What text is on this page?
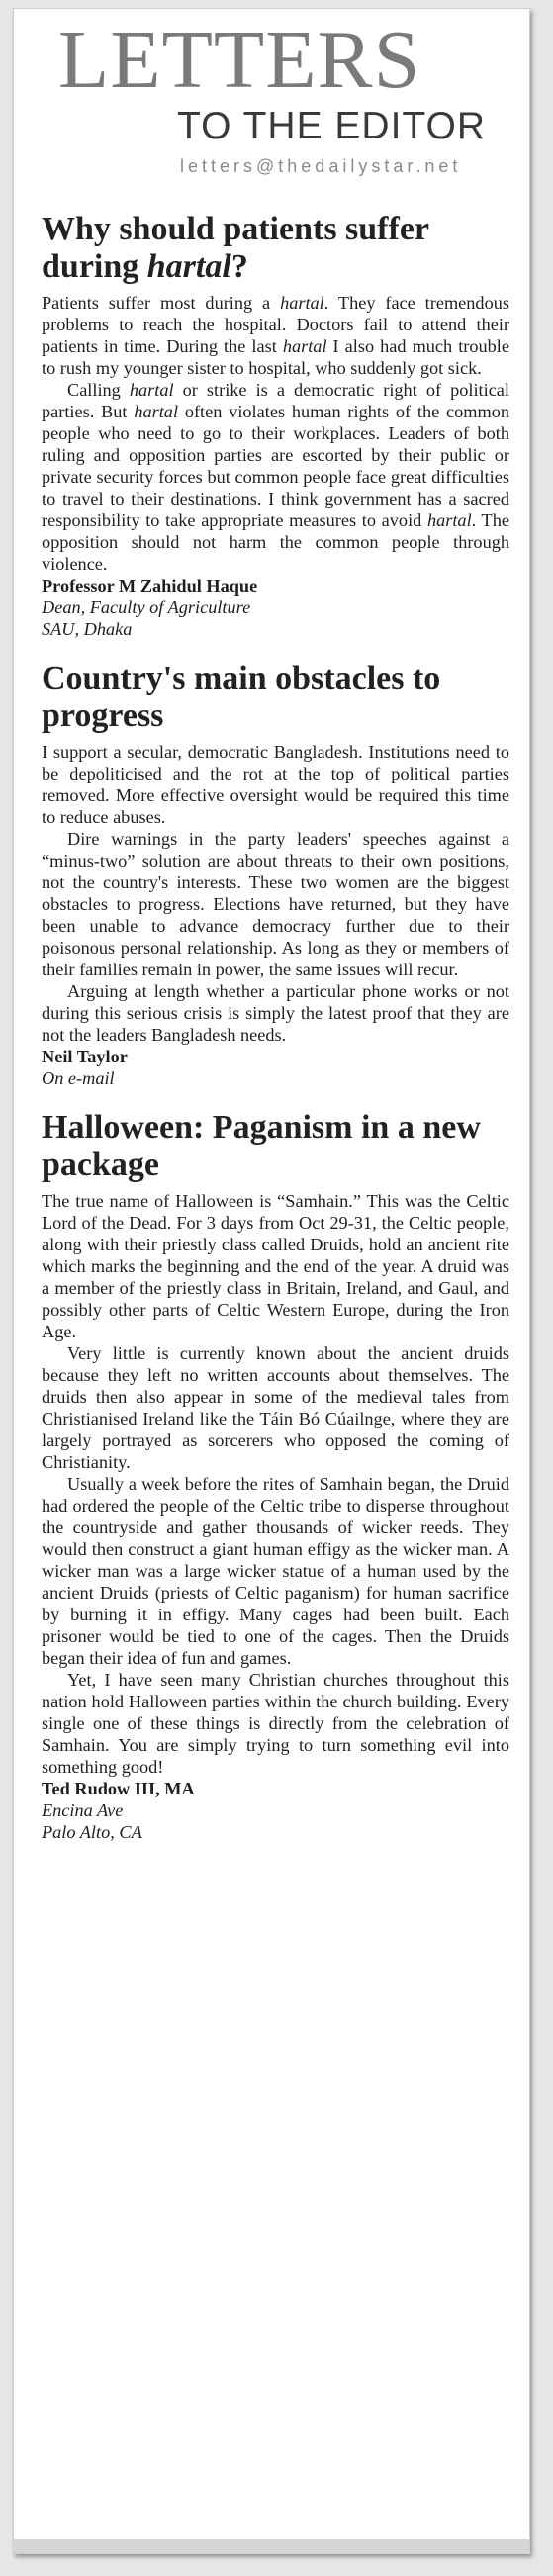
LETTERS
TO THE EDITOR
letters@thedailystar.net
Why should patients suffer during hartal?

Patients suffer most during a hartal. They face tremendous problems to reach the hospital. Doctors fail to attend their patients in time. During the last hartal I also had much trouble to rush my younger sister to hospital, who suddenly got sick.

Calling hartal or strike is a democratic right of political parties. But hartal often violates human rights of the common people who need to go to their workplaces. Leaders of both ruling and opposition parties are escorted by their public or private security forces but common people face great difficulties to travel to their destinations. I think government has a sacred responsibility to take appropriate measures to avoid hartal. The opposition should not harm the common people through violence.

Professor M Zahidul Haque
Dean, Faculty of Agriculture
SAU, Dhaka
Country's main obstacles to progress

I support a secular, democratic Bangladesh. Institutions need to be depoliticised and the rot at the top of political parties removed. More effective oversight would be required this time to reduce abuses.

Dire warnings in the party leaders' speeches against a “minus-two” solution are about threats to their own positions, not the country's interests. These two women are the biggest obstacles to progress. Elections have returned, but they have been unable to advance democracy further due to their poisonous personal relationship. As long as they or members of their families remain in power, the same issues will recur.

Arguing at length whether a particular phone works or not during this serious crisis is simply the latest proof that they are not the leaders Bangladesh needs.

Neil Taylor
On e-mail
Halloween: Paganism in a new package

The true name of Halloween is “Samhain.” This was the Celtic Lord of the Dead. For 3 days from Oct 29-31, the Celtic people, along with their priestly class called Druids, hold an ancient rite which marks the beginning and the end of the year. A druid was a member of the priestly class in Britain, Ireland, and Gaul, and possibly other parts of Celtic Western Europe, during the Iron Age.

Very little is currently known about the ancient druids because they left no written accounts about themselves. The druids then also appear in some of the medieval tales from Christianised Ireland like the Táin Bó Cúailnge, where they are largely portrayed as sorcerers who opposed the coming of Christianity.

Usually a week before the rites of Samhain began, the Druid had ordered the people of the Celtic tribe to disperse throughout the countryside and gather thousands of wicker reeds. They would then construct a giant human effigy as the wicker man. A wicker man was a large wicker statue of a human used by the ancient Druids (priests of Celtic paganism) for human sacrifice by burning it in effigy. Many cages had been built. Each prisoner would be tied to one of the cages. Then the Druids began their idea of fun and games.

Yet, I have seen many Christian churches throughout this nation hold Halloween parties within the church building. Every single one of these things is directly from the celebration of Samhain. You are simply trying to turn something evil into something good!

Ted Rudow III, MA
Encina Ave
Palo Alto, CA
